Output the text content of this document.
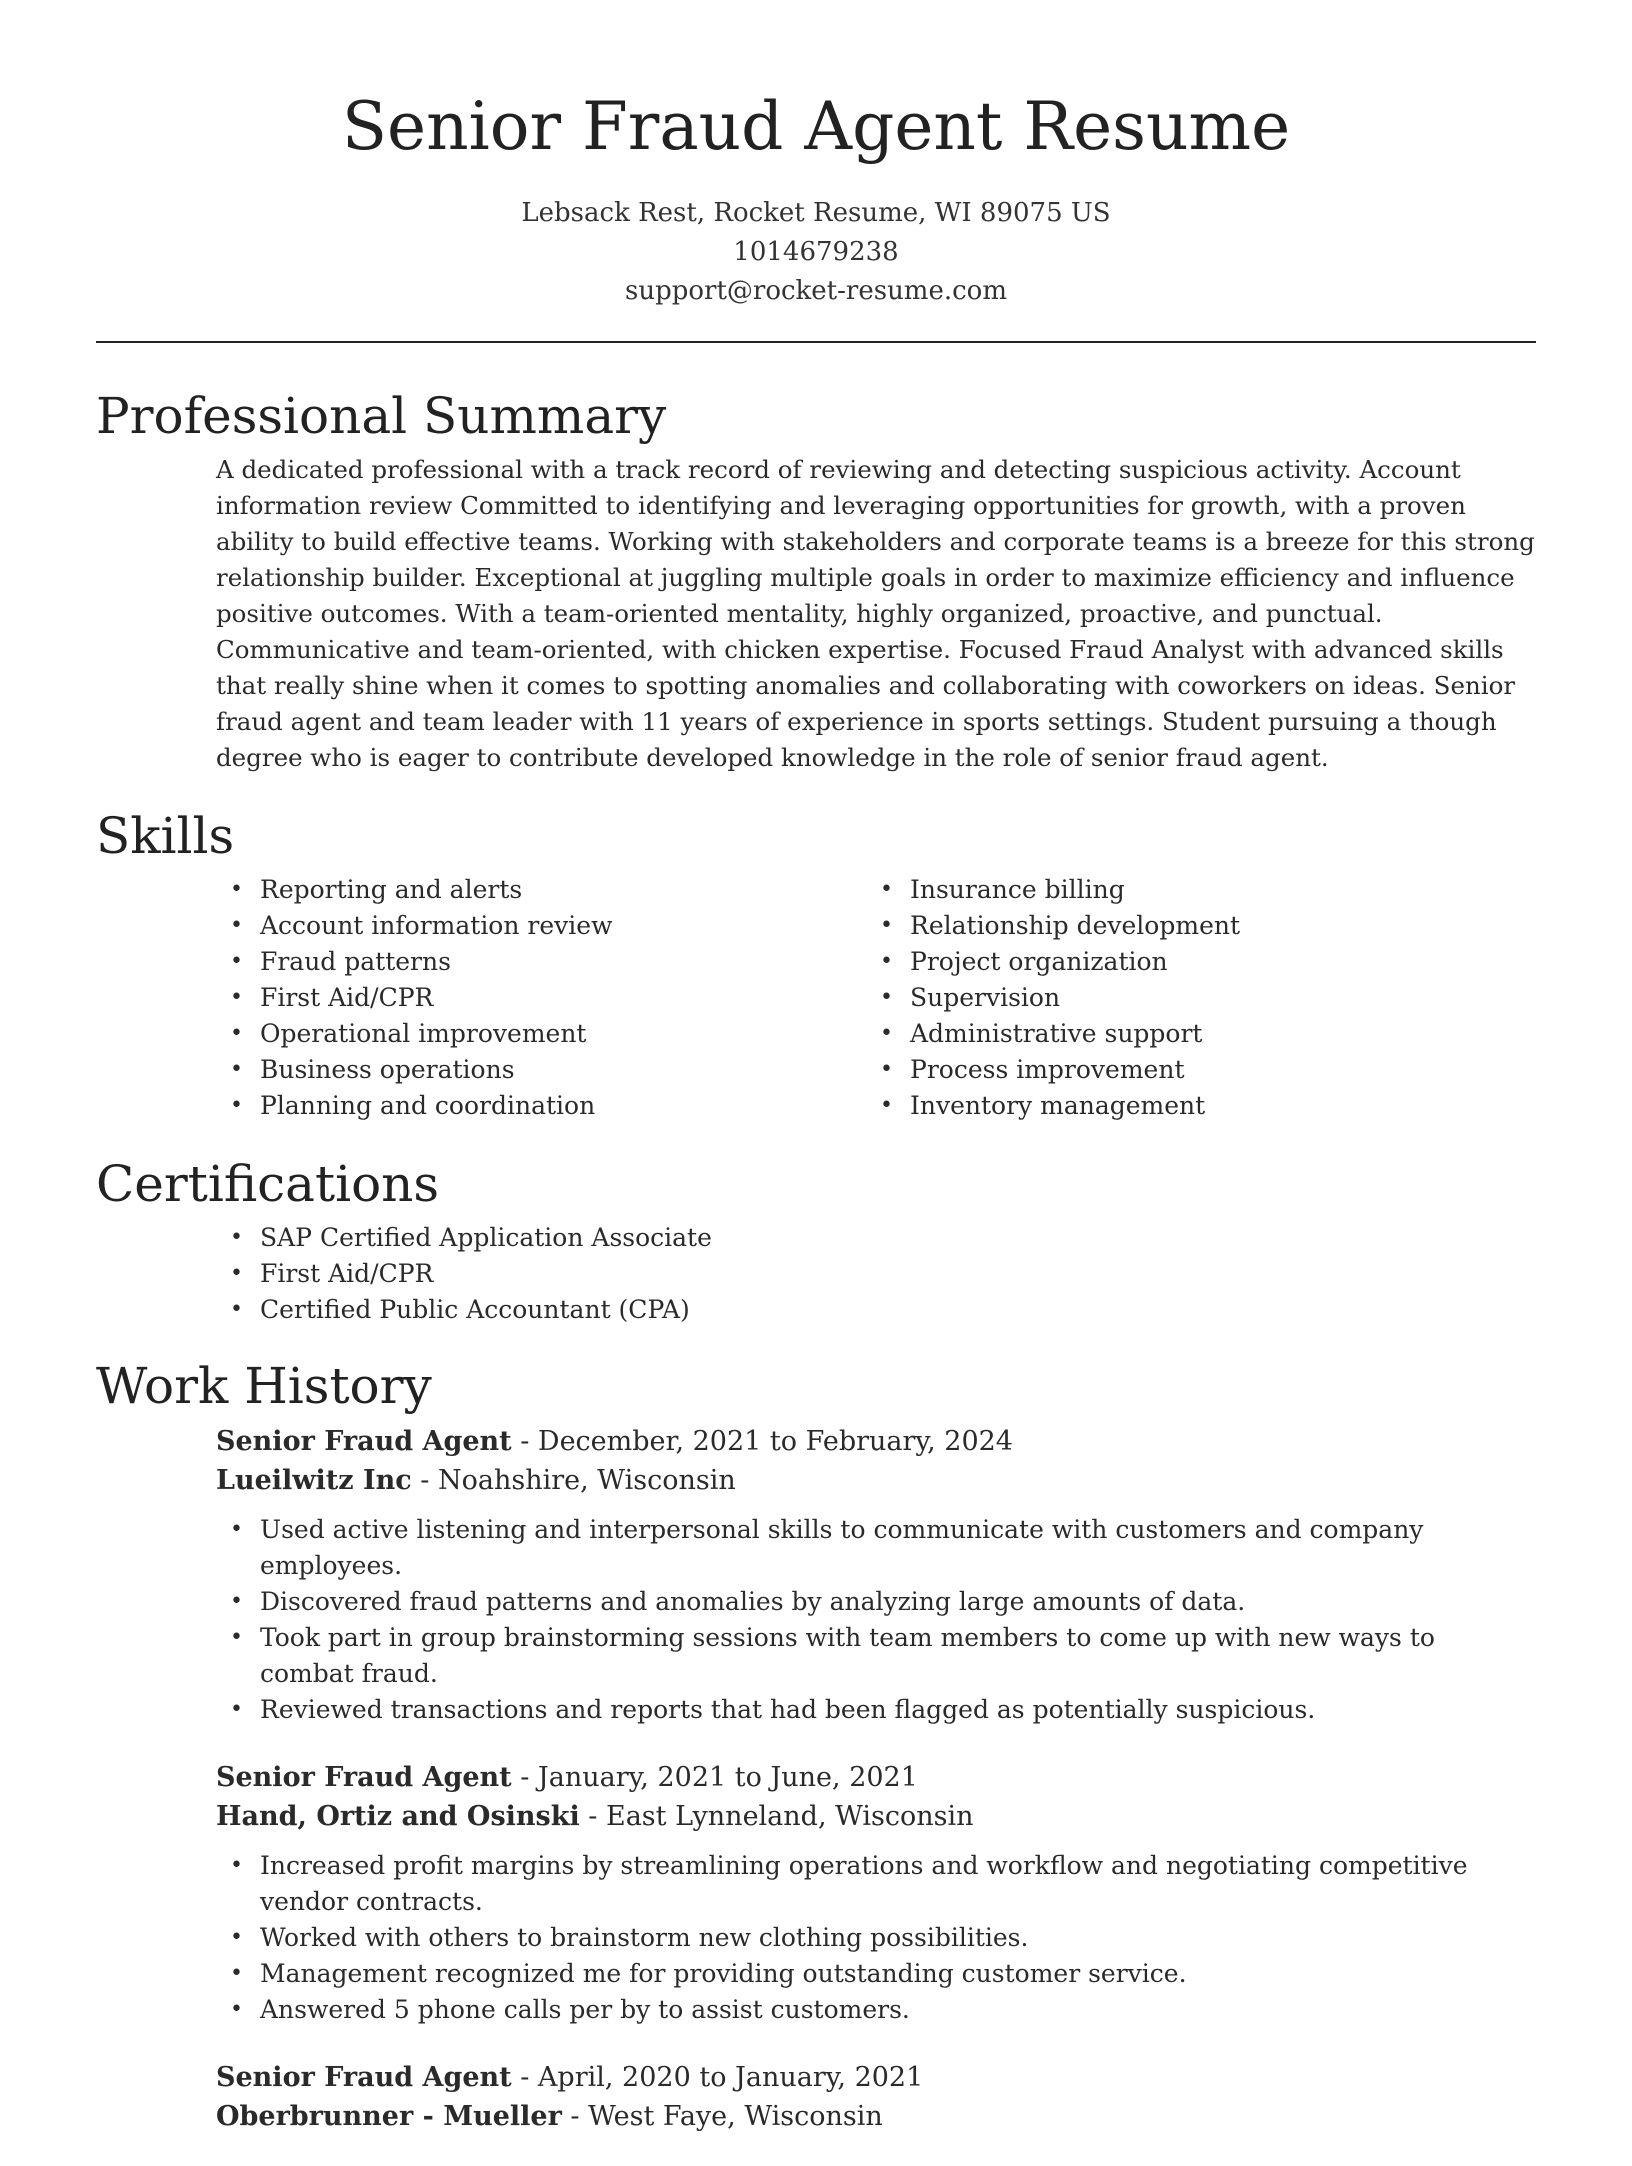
Senior Fraud Agent Resume
Lebsack Rest, Rocket Resume, WI 89075 US
1014679238
support@rocket-resume.com
Professional Summary

A dedicated professional with a track record of reviewing and detecting suspicious activity. Account information review Committed to identifying and leveraging opportunities for growth, with a proven ability to build effective teams. Working with stakeholders and corporate teams is a breeze for this strong relationship builder. Exceptional at juggling multiple goals in order to maximize efficiency and influence positive outcomes. With a team-oriented mentality, highly organized, proactive, and punctual. Communicative and team-oriented, with chicken expertise. Focused Fraud Analyst with advanced skills that really shine when it comes to spotting anomalies and collaborating with coworkers on ideas. Senior fraud agent and team leader with 11 years of experience in sports settings. Student pursuing a though degree who is eager to contribute developed knowledge in the role of senior fraud agent.

Skills
• Reporting and alerts
• Account information review
• Fraud patterns
• First Aid/CPR
• Operational improvement
• Business operations
• Planning and coordination
• Insurance billing
• Relationship development
• Project organization
• Supervision
• Administrative support
• Process improvement
• Inventory management
Certifications
• SAP Certified Application Associate
• First Aid/CPR
• Certified Public Accountant (CPA)
Work History
Senior Fraud Agent - December, 2021 to February, 2024
Lueilwitz Inc - Noahshire, Wisconsin
• Used active listening and interpersonal skills to communicate with customers and company employees.
• Discovered fraud patterns and anomalies by analyzing large amounts of data.
• Took part in group brainstorming sessions with team members to come up with new ways to combat fraud.
• Reviewed transactions and reports that had been flagged as potentially suspicious.
Senior Fraud Agent - January, 2021 to June, 2021
Hand, Ortiz and Osinski - East Lynneland, Wisconsin
• Increased profit margins by streamlining operations and workflow and negotiating competitive vendor contracts.
• Worked with others to brainstorm new clothing possibilities.
• Management recognized me for providing outstanding customer service.
• Answered 5 phone calls per by to assist customers.
Senior Fraud Agent - April, 2020 to January, 2021
Oberbrunner - Mueller - West Faye, Wisconsin
